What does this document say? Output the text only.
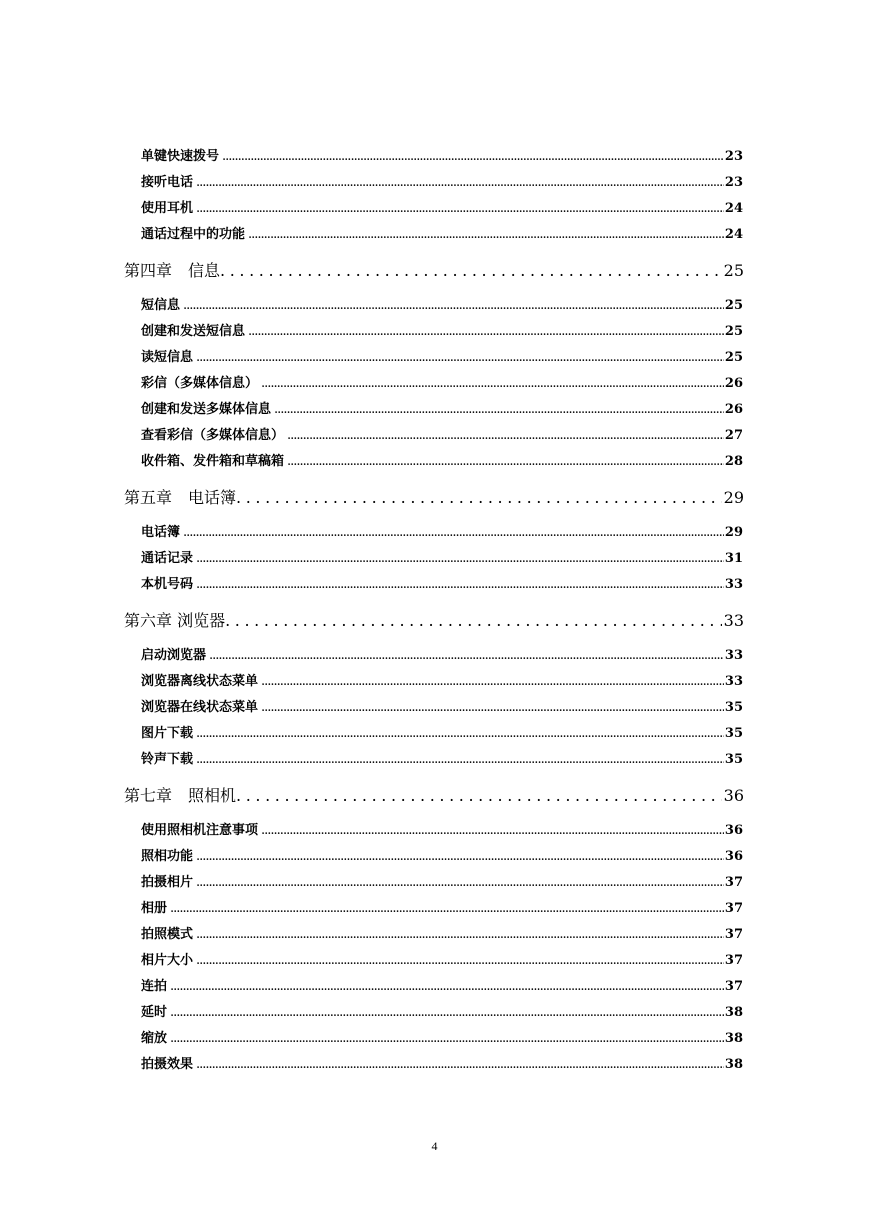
单键快速拨号 .....	23
接听电话 .....	23
使用耳机 .....	24
通话过程中的功能 .....	24
第四章　信息 .....	25
短信息 .....	25
创建和发送短信息 .....	25
读短信息 .....	25
彩信（多媒体信息） .....	26
创建和发送多媒体信息 .....	26
查看彩信（多媒体信息） .....	27
收件箱、发件箱和草稿箱 .....	28
第五章　电话簿 .....	29
电话簿 .....	29
通话记录 .....	31
本机号码 .....	33
第六章 浏览器 .....	33
启动浏览器 .....	33
浏览器离线状态菜单 .....	33
浏览器在线状态菜单 .....	35
图片下载 .....	35
铃声下载 .....	35
第七章　照相机 .....	36
使用照相机注意事项 .....	36
照相功能 .....	36
拍摄相片 .....	37
相册 .....	37
拍照模式 .....	37
相片大小 .....	37
连拍 .....	37
延时 .....	38
缩放 .....	38
拍摄效果 .....	38
4
